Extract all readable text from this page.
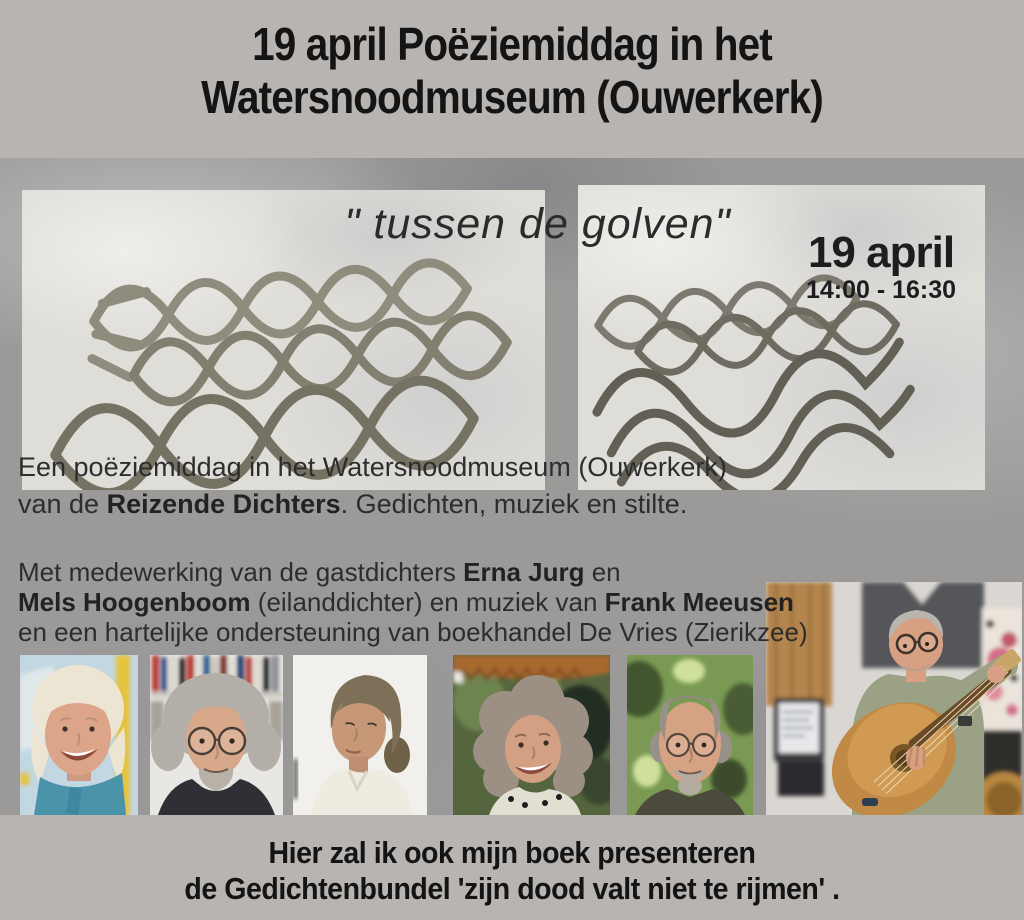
19 april Poëziemiddag in het
Watersnoodmuseum (Ouwerkerk)
" tussen de golven"
19 april
14:00 - 16:30
Een poëziemiddag in het Watersnoodmuseum (Ouwerkerk)
van de Reizende Dichters. Gedichten, muziek en stilte.
Met medewerking van de gastdichters Erna Jurg en
Mels Hoogenboom (eilanddichter) en muziek van Frank Meeusen
en een hartelijke ondersteuning van boekhandel De Vries (Zierikzee)
Hier zal ik ook mijn boek presenteren
de Gedichtenbundel 'zijn dood valt niet te rijmen' .
